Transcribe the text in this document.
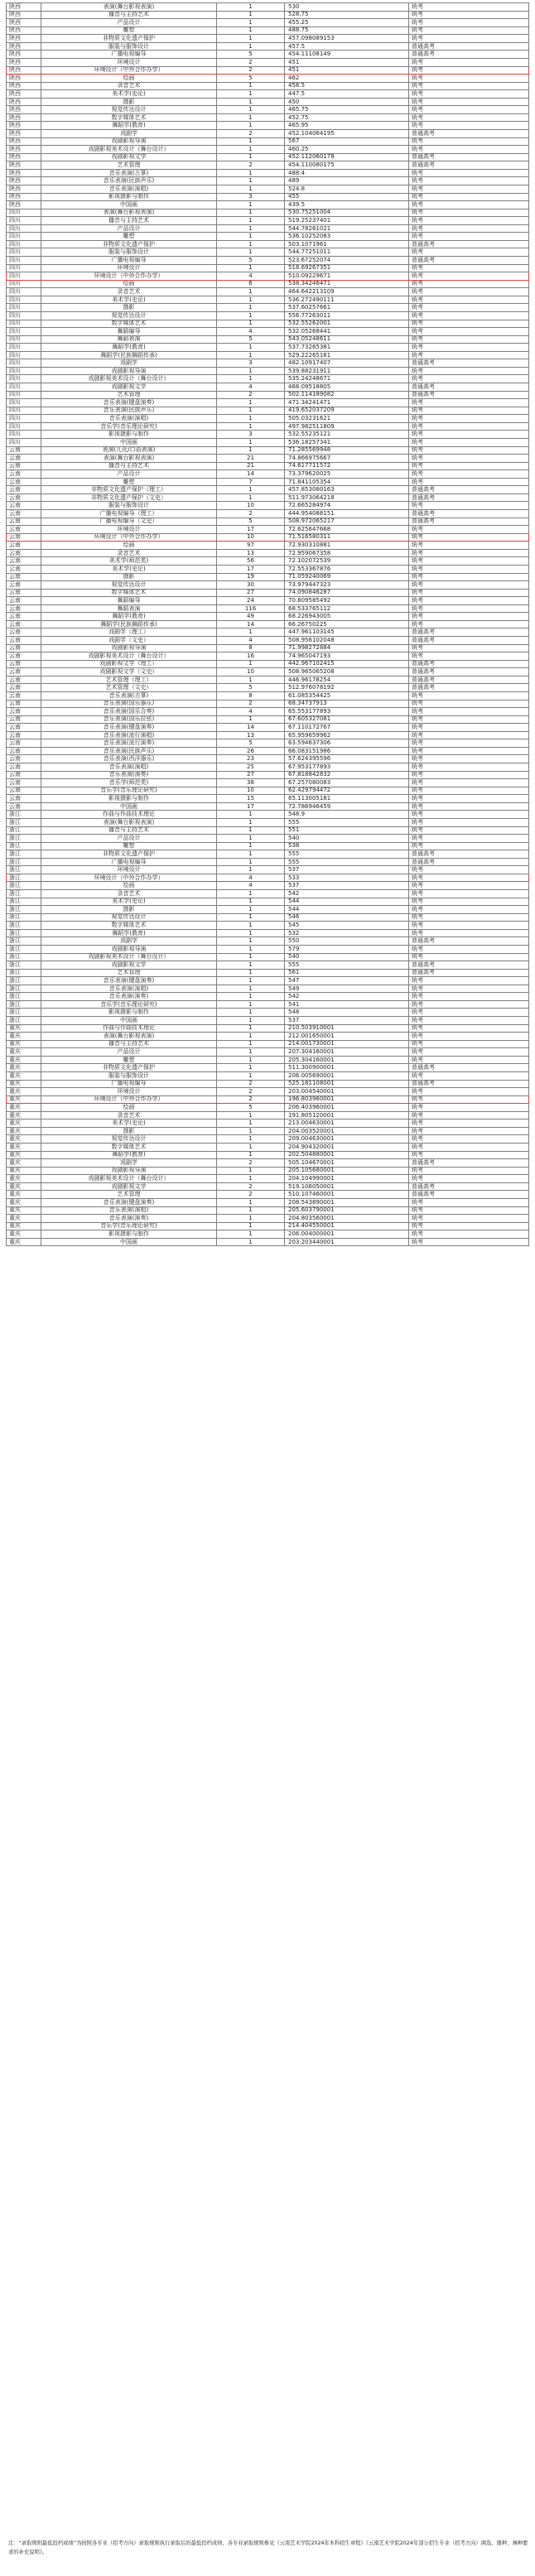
陕西	表演(舞台影视表演)	1	530	统考
陕西	播音与主持艺术	1	528.75	统考
陕西	产品设计	1	455.25	统考
陕西	雕塑	1	488.75	统考
陕西	非物质文化遗产保护	1	457.098089153	统考
陕西	服装与服饰设计	1	457.5	普通高考
陕西	广播电视编导	5	454.11108149	普通高考
陕西	环境设计	2	451	统考
陕西	环境设计（中外合作办学）	2	451	统考
陕西	绘画	5	462	统考
陕西	录音艺术	1	458.5	统考
陕西	美术学(史论)	1	447.5	统考
陕西	摄影	1	450	统考
陕西	视觉传达设计	1	465.75	统考
陕西	数字媒体艺术	1	452.75	统考
陕西	舞蹈学(教育)	1	465.95	统考
陕西	戏剧学	2	452.104064195	普通高考
陕西	戏剧影视导演	1	567	统考
陕西	戏剧影视美术设计（舞台设计）	1	460.25	统考
陕西	戏剧影视文学	1	452.112060178	普通高考
陕西	艺术管理	2	454.110080175	普通高考
陕西	音乐表演(古箏)	1	488.4	统考
陕西	音乐表演(民族声乐)	1	489	统考
陕西	音乐表演(演唱)	1	524.8	统考
陕西	影视摄影与制作	3	455	统考
陕西	中国画	1	439.5	统考
四川	表演(舞台影视表演)	1	530.75251004	统考
四川	播音与主持艺术	1	519.25237401	统考
四川	产品设计	1	544.78261021	统考
四川	雕塑	1	536.10252083	统考
四川	非物质文化遗产保护	1	503.1071961	普通高考
四川	服装与服饰设计	1	544.77251011	统考
四川	广播电视编导	5	523.67252074	普通高考
四川	环境设计	1	518.69267351	统考
四川	环境设计（中外合作办学）	4	510.09229671	统考
四川	绘画	6	538.34246471	统考
四川	录音艺术	1	464.642213109	统考
四川	美术学(史论)	1	536.272490111	统考
四川	摄影	1	537.60257661	统考
四川	视觉传达设计	1	556.77263011	统考
四川	数字媒体艺术	1	532.55262001	统考
四川	舞蹈编导	4	532.05268441	统考
四川	舞蹈表演	5	543.05248611	统考
四川	舞蹈学(教育)	1	537.73265381	统考
四川	舞蹈学(民族舞蹈传承)	1	529.22265161	统考
四川	戏剧学	3	482.10917407	普通高考
四川	戏剧影视导演	1	539.88231911	统考
四川	戏剧影视美术设计（舞台设计）	1	535.24248671	统考
四川	戏剧影视文学	4	468.09518805	普通高考
四川	艺术管理	2	502.114189082	普通高考
四川	音乐表演(键盘演奏)	1	471.34241471	统考
四川	音乐表演(民族声乐)	1	419.652037209	统考
四川	音乐表演(演唱)	1	505.03231621	统考
四川	音乐学(音乐理论研究)	1	497.982511809	统考
四川	影视摄影与制作	3	532.55235121	统考
四川	中国画	1	536.18257341	统考
云南	表演(儿化/口语表演)	1	71.285569948	统考
云南	表演(舞台影视表演)	21	74.866975667	统考
云南	播音与主持艺术	21	74.617711572	统考
云南	产品设计	14	73.379620025	统考
云南	雕塑	7	71.841105354	统考
云南	非物质文化遗产保护（理工）	1	457.853080163	普通高考
云南	非物质文化遗产保护（文史）	1	511.973064218	普通高考
云南	服装与服饰设计	10	72.665284974	统考
云南	广播电视编导（理工）	2	444.954088151	普通高考
云南	广播电视编导（文史）	5	508.972065217	普通高考
云南	环境设计	17	72.625647668	统考
云南	环境设计（中外合作办学）	10	71.516580311	统考
云南	绘画	97	72.930310881	统考
云南	录音艺术	13	72.959067358	统考
云南	美术学(师范类)	56	72.102072539	统考
云南	美术学(史论)	17	72.553367876	统考
云南	摄影	19	71.059240069	统考
云南	视觉传达设计	30	73.979447323	统考
云南	数字媒体艺术	27	74.090846287	统考
云南	舞蹈编导	24	70.809585492	统考
云南	舞蹈表演	116	68.533765112	统考
云南	舞蹈学(教育)	49	68.226943005	统考
云南	舞蹈学(民族舞蹈传承)	14	66.26750225	统考
云南	戏剧学（理工）	1	447.961103145	普通高考
云南	戏剧学（文史）	4	508.956102048	普通高考
云南	戏剧影视导演	8	71.998272884	统考
云南	戏剧影视美术设计（舞台设计）	16	74.965047193	统考
云南	戏剧影视文学（理工）	1	442.967102415	普通高考
云南	戏剧影视文学（文史）	10	508.965065208	普通高考
云南	艺术管理（理工）	1	446.96178254	普通高考
云南	艺术管理（文史）	5	512.976078192	普通高考
云南	音乐表演(古箏)	8	61.085354425	统考
云南	音乐表演(国乐器乐)	2	68.34737913	统考
云南	音乐表演(国乐合奏)	4	65.553177893	统考
云南	音乐表演(国乐拉弦)	1	67.605327081	统考
云南	音乐表演(键盘演奏)	14	67.110172767	统考
云南	音乐表演(流行演唱)	13	65.959659962	统考
云南	音乐表演(流行演奏)	5	63.594637306	统考
云南	音乐表演(民族声乐)	26	66.083151986	统考
云南	音乐表演(西洋器乐)	23	57.624395596	统考
云南	音乐表演(演唱)	25	67.953177893	统考
云南	音乐表演(演奏)	27	67.818842832	统考
云南	音乐学(师范类)	38	67.257080083	统考
云南	音乐学(音乐理论研究)	10	62.429794472	统考
云南	影视摄影与制作	15	65.113005181	统考
云南	中国画	17	72.786946459	统考
浙江	作曲与作曲技术理论	1	548.9	统考
浙江	表演(舞台影视表演)	1	555	统考
浙江	播音与主持艺术	1	551	统考
浙江	产品设计	1	540	统考
浙江	雕塑	1	538	统考
浙江	非物质文化遗产保护	1	555	普通高考
浙江	广播电视编导	1	555	普通高考
浙江	环境设计	1	537	统考
浙江	环境设计（中外合作办学）	4	533	统考
浙江	绘画	4	537	统考
浙江	录音艺术	1	542	统考
浙江	美术学(史论)	1	544	统考
浙江	摄影	1	544	统考
浙江	视觉传达设计	1	546	统考
浙江	数字媒体艺术	1	545	统考
浙江	舞蹈学(教育)	1	532	统考
浙江	戏剧学	1	550	普通高考
浙江	戏剧影视导演	1	579	统考
浙江	戏剧影视美术设计（舞台设计）	1	540	统考
浙江	戏剧影视文学	1	555	普通高考
浙江	艺术管理	1	561	普通高考
浙江	音乐表演(键盘演奏)	1	547	统考
浙江	音乐表演(演唱)	1	549	统考
浙江	音乐表演(演奏)	1	542	统考
浙江	音乐学(音乐理论研究)	1	541	统考
浙江	影视摄影与制作	1	548	统考
浙江	中国画	1	537	统考
重庆	作曲与作曲技术理论	1	210.503910001	统考
重庆	表演(舞台影视表演)	1	212.001650001	统考
重庆	播音与主持艺术	1	214.001730001	统考
重庆	产品设计	1	207.304160001	统考
重庆	雕塑	1	205.304160001	统考
重庆	非物质文化遗产保护	1	511.300900001	普通高考
重庆	服装与服饰设计	1	206.005690001	统考
重庆	广播电视编导	2	525.181108001	普通高考
重庆	环境设计	2	203.004540001	统考
重庆	环境设计（中外合作办学）	2	196.803960001	统考
重庆	绘画	5	206.403960001	统考
重庆	录音艺术	1	191.805120001	统考
重庆	美术学(史论)	1	213.004630001	统考
重庆	摄影	1	204.003520001	统考
重庆	视觉传达设计	1	209.004630001	统考
重庆	数字媒体艺术	1	204.904320001	统考
重庆	舞蹈学(教育)	1	202.504880001	统考
重庆	戏剧学	2	505.104670001	普通高考
重庆	戏剧影视导演	1	205.105680001	统考
重庆	戏剧影视美术设计（舞台设计）	1	204.104990001	统考
重庆	戏剧影视文学	2	519.106050001	普通高考
重庆	艺术管理	2	510.107460001	普通高考
重庆	音乐表演(键盘演奏)	1	208.543890001	统考
重庆	音乐表演(演唱)	1	205.603790001	统考
重庆	音乐表演(演奏)	1	204.803560001	统考
重庆	音乐学(音乐理论研究)	1	214.404550001	统考
重庆	影视摄影与制作	1	206.004000001	统考
重庆	中国画	1	203.203440001	统考
注：“录取规则最低投档成绩”为按照各专业（招考方向）录取规则执行录取后的最低投档成绩，各专业录取规则参见《云南艺术学院2024年本科招生章程》《云南艺术学院2024年部分招生专业（招考方向）调选、器种、舞种要求的补充说明》。
